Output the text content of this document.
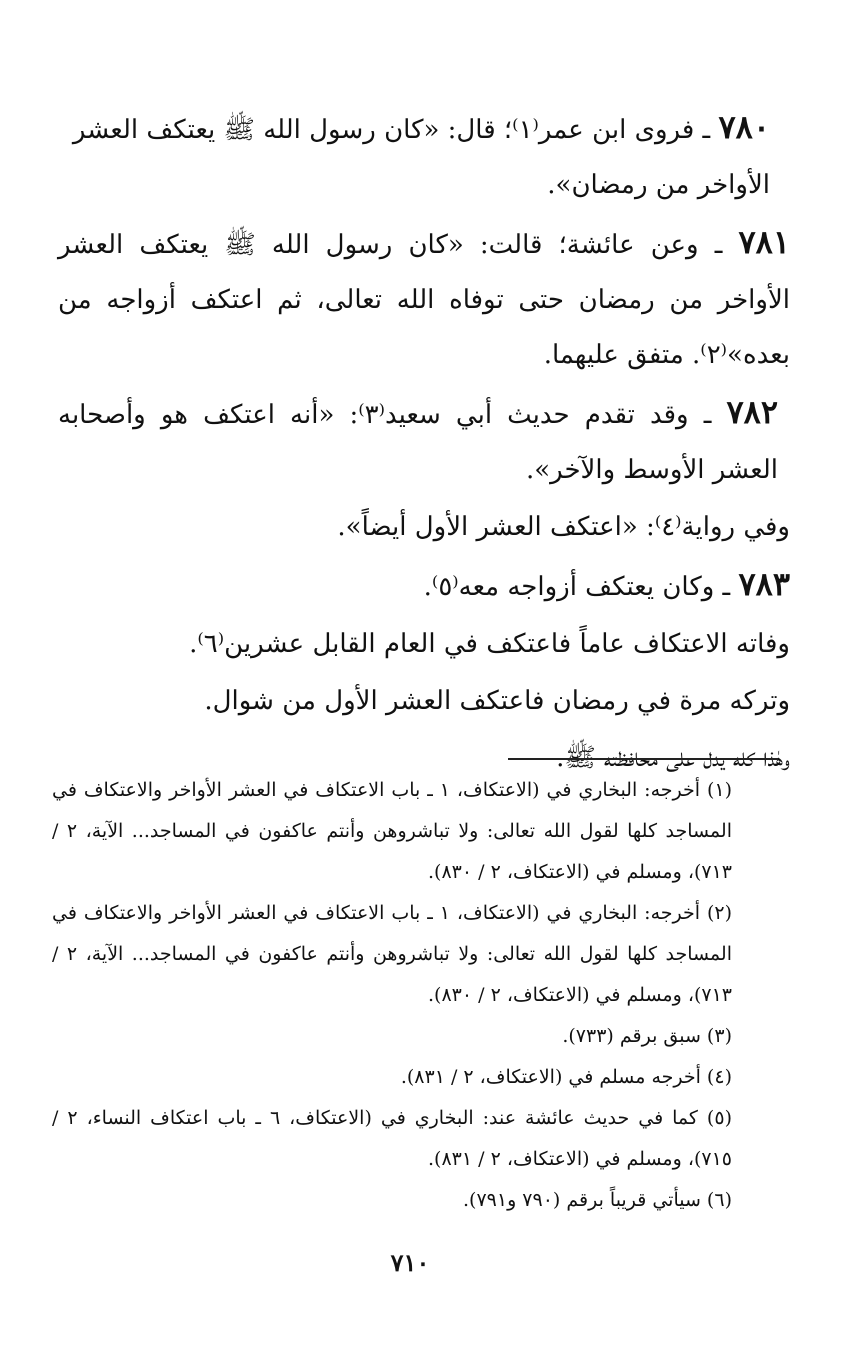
٧٨٠ ـ فروى ابن عمر⁽١⁾؛ قال: «كان رسول الله ﷺ يعتكف العشر
الأواخر من رمضان».

٧٨١ ـ وعن عائشة؛ قالت: «كان رسول الله ﷺ يعتكف العشر الأواخر من رمضان حتى توفاه الله تعالى، ثم اعتكف أزواجه من بعده»⁽٢⁾. متفق عليهما.

٧٨٢ ـ وقد تقدم حديث أبي سعيد⁽٣⁾: «أنه اعتكف هو وأصحابه العشر الأوسط والآخر».

وفي رواية⁽٤⁾: «اعتكف العشر الأول أيضاً».

٧٨٣ ـ وكان يعتكف أزواجه معه⁽٥⁾.

وفاته الاعتكاف عاماً فاعتكف في العام القابل عشرين⁽٦⁾.

وتركه مرة في رمضان فاعتكف العشر الأول من شوال.

وهٰذا كله يدل على محافظته ﷺ.

(١) أخرجه: البخاري في (الاعتكاف، ١ ـ باب الاعتكاف في العشر الأواخر والاعتكاف في المساجد كلها لقول الله تعالى: ولا تباشروهن وأنتم عاكفون في المساجد... الآية، ٢ / ٧١٣)، ومسلم في (الاعتكاف، ٢ / ٨٣٠).

(٢) أخرجه: البخاري في (الاعتكاف، ١ ـ باب الاعتكاف في العشر الأواخر والاعتكاف في المساجد كلها لقول الله تعالى: ولا تباشروهن وأنتم عاكفون في المساجد... الآية، ٢ / ٧١٣)، ومسلم في (الاعتكاف، ٢ / ٨٣٠).

(٣) سبق برقم (٧٣٣).

(٤) أخرجه مسلم في (الاعتكاف، ٢ / ٨٣١).

(٥) كما في حديث عائشة عند: البخاري في (الاعتكاف، ٦ ـ باب اعتكاف النساء، ٢ / ٧١٥)، ومسلم في (الاعتكاف، ٢ / ٨٣١).

(٦) سيأتي قريباً برقم (٧٩٠ و٧٩١).

٧١٠
